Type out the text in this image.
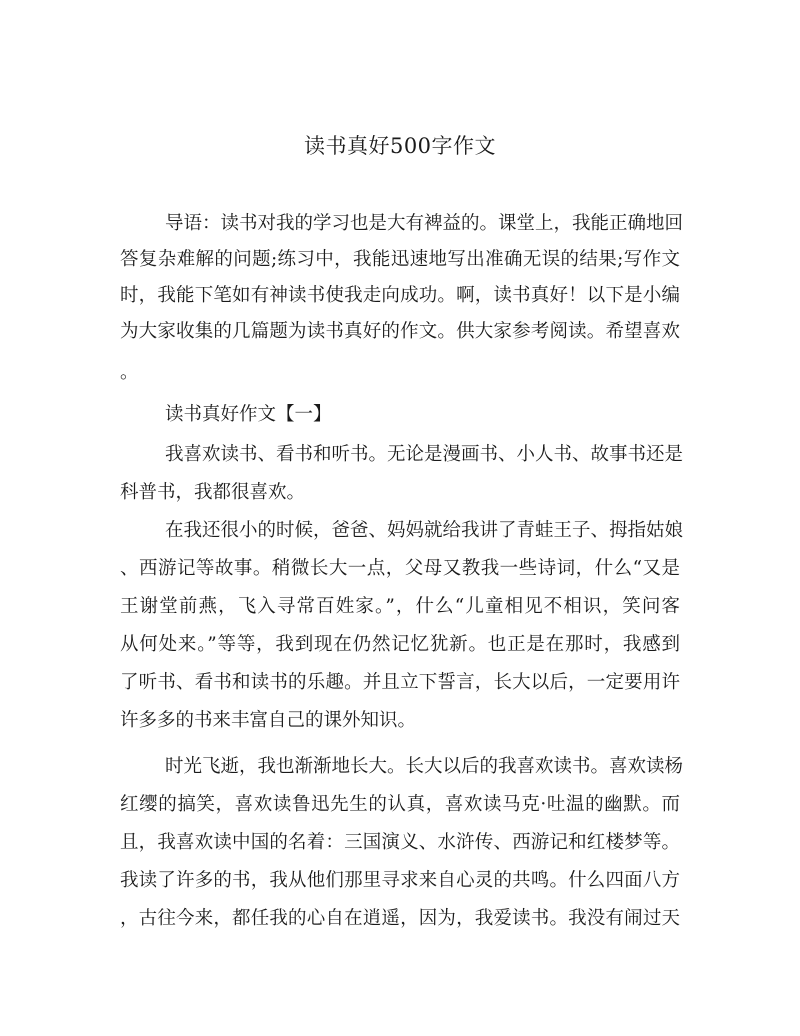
读书真好500字作文
导语：读书对我的学习也是大有裨益的。课堂上，我能正确地回
答复杂难解的问题;练习中，我能迅速地写出准确无误的结果;写作文
时，我能下笔如有神读书使我走向成功。啊，读书真好！以下是小编
为大家收集的几篇题为读书真好的作文。供大家参考阅读。希望喜欢
。
读书真好作文【一】
我喜欢读书、看书和听书。无论是漫画书、小人书、故事书还是
科普书，我都很喜欢。
在我还很小的时候，爸爸、妈妈就给我讲了青蛙王子、拇指姑娘
、西游记等故事。稍微长大一点，父母又教我一些诗词，什么“又是
王谢堂前燕，飞入寻常百姓家。”，什么“儿童相见不相识，笑问客
从何处来。”等等，我到现在仍然记忆犹新。也正是在那时，我感到
了听书、看书和读书的乐趣。并且立下誓言，长大以后，一定要用许
许多多的书来丰富自己的课外知识。
时光飞逝，我也渐渐地长大。长大以后的我喜欢读书。喜欢读杨
红缨的搞笑，喜欢读鲁迅先生的认真，喜欢读马克·吐温的幽默。而
且，我喜欢读中国的名着：三国演义、水浒传、西游记和红楼梦等。
我读了许多的书，我从他们那里寻求来自心灵的共鸣。什么四面八方
，古往今来，都任我的心自在逍遥，因为，我爱读书。我没有闹过天
